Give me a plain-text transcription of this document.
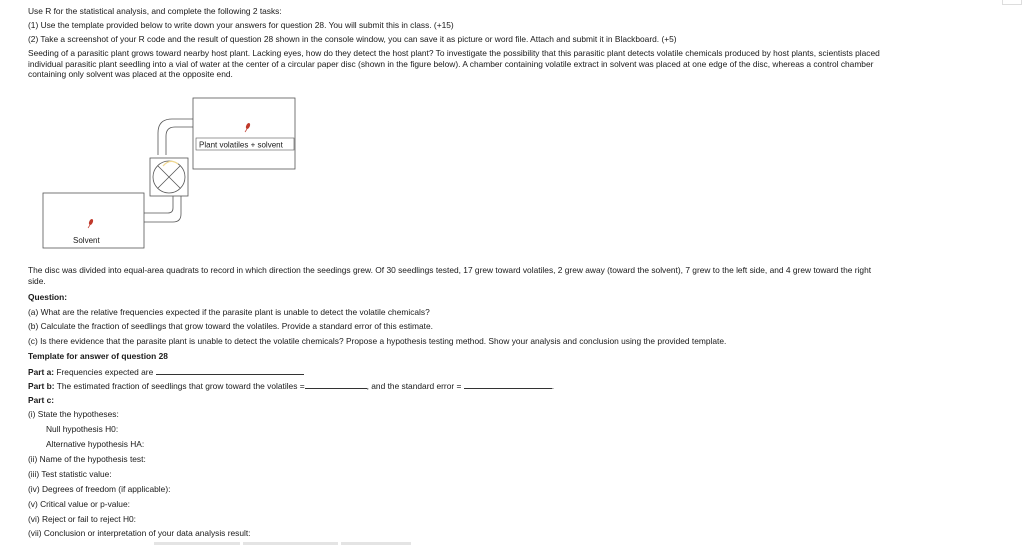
Use R for the statistical analysis, and complete the following 2 tasks:
(1) Use the template provided below to write down your answers for question 28. You will submit this in class. (+15)
(2) Take a screenshot of your R code and the result of question 28 shown in the console window, you can save it as picture or word file. Attach and submit it in Blackboard. (+5)
Seeding of a parasitic plant grows toward nearby host plant. Lacking eyes, how do they detect the host plant? To investigate the possibility that this parasitic plant detects volatile chemicals produced by host plants, scientists placed individual parasitic plant seedling into a vial of water at the center of a circular paper disc (shown in the figure below). A chamber containing volatile extract in solvent was placed at one edge of the disc, whereas a control chamber containing only solvent was placed at the opposite end.
Plant volatiles + solvent
Solvent
The disc was divided into equal-area quadrats to record in which direction the seedings grew. Of 30 seedlings tested, 17 grew toward volatiles, 2 grew away (toward the solvent), 7 grew to the left side, and 4 grew toward the right side.
Question:
(a) What are the relative frequencies expected if the parasite plant is unable to detect the volatile chemicals?
(b) Calculate the fraction of seedlings that grow toward the volatiles. Provide a standard error of this estimate.
(c) Is there evidence that the parasite plant is unable to detect the volatile chemicals? Propose a hypothesis testing method. Show your analysis and conclusion using the provided template.
Template for answer of question 28
Part a: Frequencies expected are
Part b: The estimated fraction of seedlings that grow toward the volatiles =	, and the standard error =	.
Part c:
(i) State the hypotheses:
Null hypothesis H0:
Alternative hypothesis HA:
(ii) Name of the hypothesis test:
(iii) Test statistic value:
(iv) Degrees of freedom (if applicable):
(v) Critical value or p-value:
(vi) Reject or fail to reject H0:
(vii) Conclusion or interpretation of your data analysis result:
